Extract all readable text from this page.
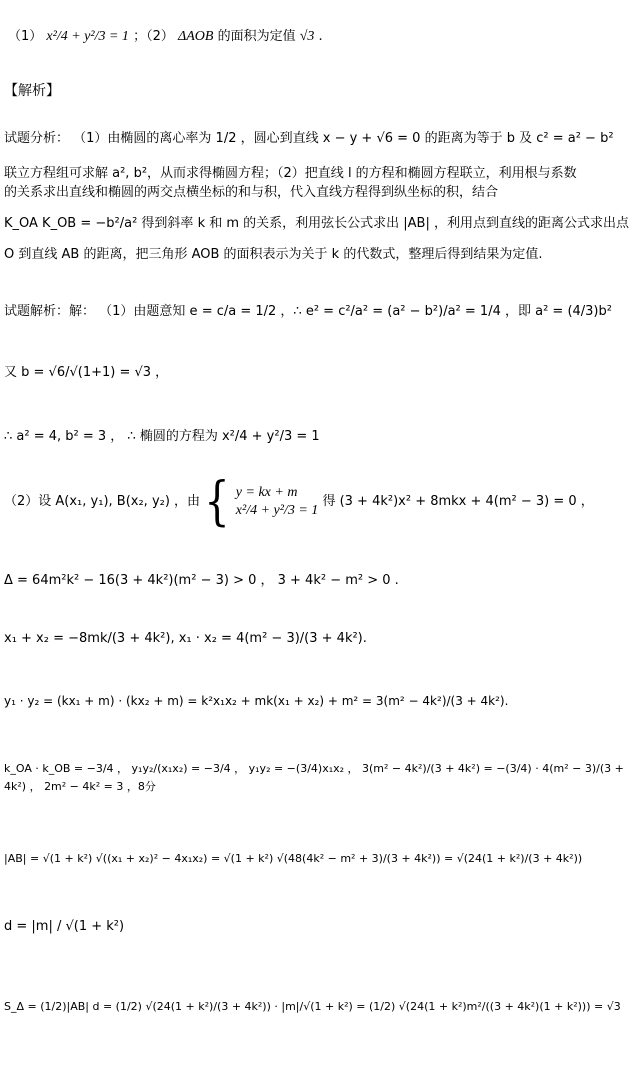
（1） x²/4 + y²/3 = 1 ；（2） ΔAOB 的面积为定值 √3 .
【解析】
试题分析： （1）由椭圆的离心率为 1/2 ，圆心到直线 x − y + √6 = 0 的距离为等于 b 及 c² = a² − b²
联立方程组可求解 a², b²，从而求得椭圆方程；（2）把直线 l 的方程和椭圆方程联立，利用根与系数
的关系求出直线和椭圆的两交点横坐标的和与积，代入直线方程得到纵坐标的积，结合
K_OA K_OB = −b²/a² 得到斜率 k 和 m 的关系，利用弦长公式求出 |AB| ，利用点到直线的距离公式求出点
O 到直线 AB 的距离，把三角形 AOB 的面积表示为关于 k 的代数式，整理后得到结果为定值.
试题解析：解： （1）由题意知 e = c/a = 1/2 ，∴ e² = c²/a² = (a² − b²)/a² = 1/4 ，即 a² = (4/3)b²
又 b = √6/√(1+1) = √3 ，
∴ a² = 4, b² = 3 ， ∴ 椭圆的方程为 x²/4 + y²/3 = 1
（2）设 A(x₁, y₁), B(x₂, y₂) ，由 { y = kx + m
x²/4 + y²/3 = 1
得 (3 + 4k²)x² + 8mkx + 4(m² − 3) = 0 ，
Δ = 64m²k² − 16(3 + 4k²)(m² − 3) > 0 ， 3 + 4k² − m² > 0 .
x₁ + x₂ = −8mk/(3 + 4k²), x₁ · x₂ = 4(m² − 3)/(3 + 4k²).
y₁ · y₂ = (kx₁ + m) · (kx₂ + m) = k²x₁x₂ + mk(x₁ + x₂) + m² = 3(m² − 4k²)/(3 + 4k²).
k_OA · k_OB = −3/4 ， y₁y₂/(x₁x₂) = −3/4 ， y₁y₂ = −(3/4)x₁x₂ ， 3(m² − 4k²)/(3 + 4k²) = −(3/4) · 4(m² − 3)/(3 + 4k²) ， 2m² − 4k² = 3 ，8分
|AB| = √(1 + k²) √((x₁ + x₂)² − 4x₁x₂) = √(1 + k²) √(48(4k² − m² + 3)/(3 + 4k²)) = √(24(1 + k²)/(3 + 4k²))
d = |m| / √(1 + k²)
S_Δ = (1/2)|AB| d = (1/2) √(24(1 + k²)/(3 + 4k²)) · |m|/√(1 + k²) = (1/2) √(24(1 + k²)m²/((3 + 4k²)(1 + k²))) = √3
